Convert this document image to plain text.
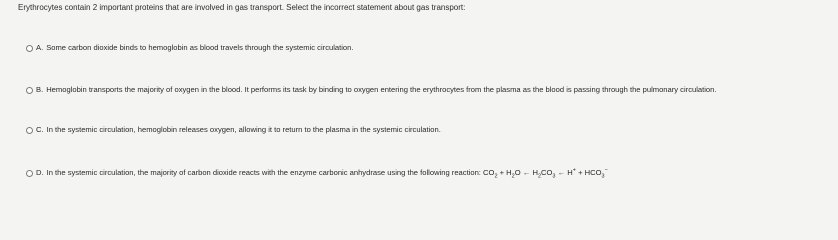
Erythrocytes contain 2 important proteins that are involved in gas transport. Select the incorrect statement about gas transport:
A. Some carbon dioxide binds to hemoglobin as blood travels through the systemic circulation.
B. Hemoglobin transports the majority of oxygen in the blood. It performs its task by binding to oxygen entering the erythrocytes from the plasma as the blood is passing through the pulmonary circulation.
C. In the systemic circulation, hemoglobin releases oxygen, allowing it to return to the plasma in the systemic circulation.
D. In the systemic circulation, the majority of carbon dioxide reacts with the enzyme carbonic anhydrase using the following reaction: $CO_2 + H_2O$ ← $H_2CO_3$ ← $H^+ + HCO_3^-$
